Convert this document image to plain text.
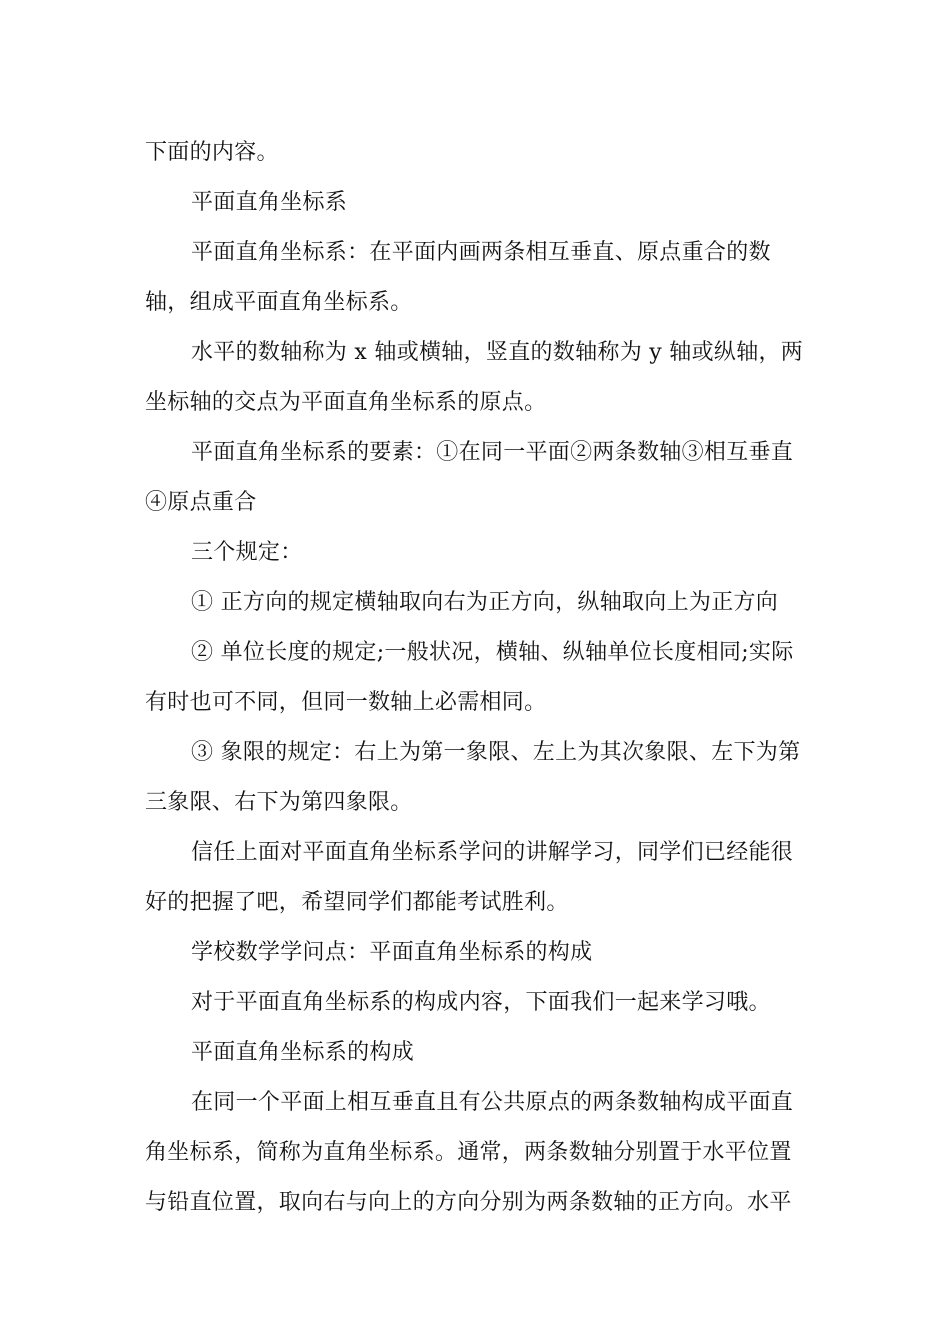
下面的内容。

平面直角坐标系

平面直角坐标系：在平面内画两条相互垂直、原点重合的数轴，组成平面直角坐标系。

水平的数轴称为 x 轴或横轴，竖直的数轴称为 y 轴或纵轴，两坐标轴的交点为平面直角坐标系的原点。

平面直角坐标系的要素：①在同一平面②两条数轴③相互垂直④原点重合

三个规定：

① 正方向的规定横轴取向右为正方向，纵轴取向上为正方向

② 单位长度的规定;一般状况，横轴、纵轴单位长度相同;实际有时也可不同，但同一数轴上必需相同。

③ 象限的规定：右上为第一象限、左上为其次象限、左下为第三象限、右下为第四象限。

信任上面对平面直角坐标系学问的讲解学习，同学们已经能很好的把握了吧，希望同学们都能考试胜利。

学校数学学问点：平面直角坐标系的构成

对于平面直角坐标系的构成内容，下面我们一起来学习哦。

平面直角坐标系的构成

在同一个平面上相互垂直且有公共原点的两条数轴构成平面直角坐标系，简称为直角坐标系。通常，两条数轴分别置于水平位置与铅直位置，取向右与向上的方向分别为两条数轴的正方向。水平
